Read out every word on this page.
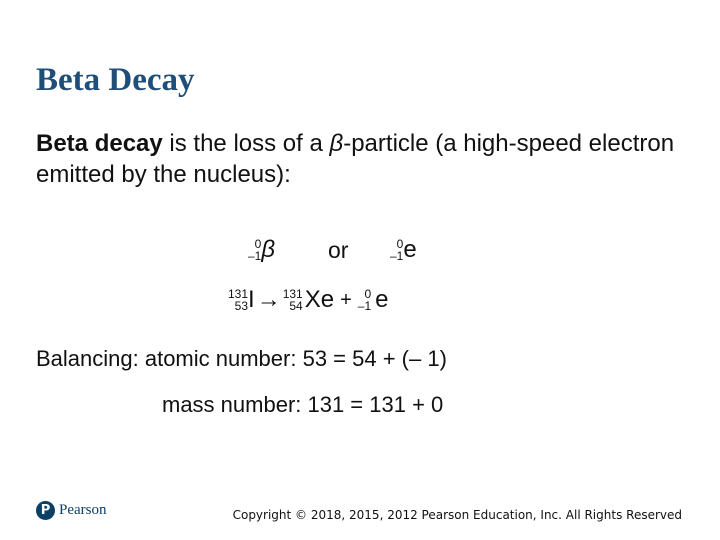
Beta Decay

Beta decay is the loss of a β-particle (a high-speed electron emitted by the nucleus):

0
–1 β or	0
–1 e
131
53 I → 131
54 Xe + 0
–1 e

Balancing: atomic number: 53 = 54 + (– 1)

mass number: 131 = 131 + 0

P Pearson	Copyright © 2018, 2015, 2012 Pearson Education, Inc. All Rights Reserved
